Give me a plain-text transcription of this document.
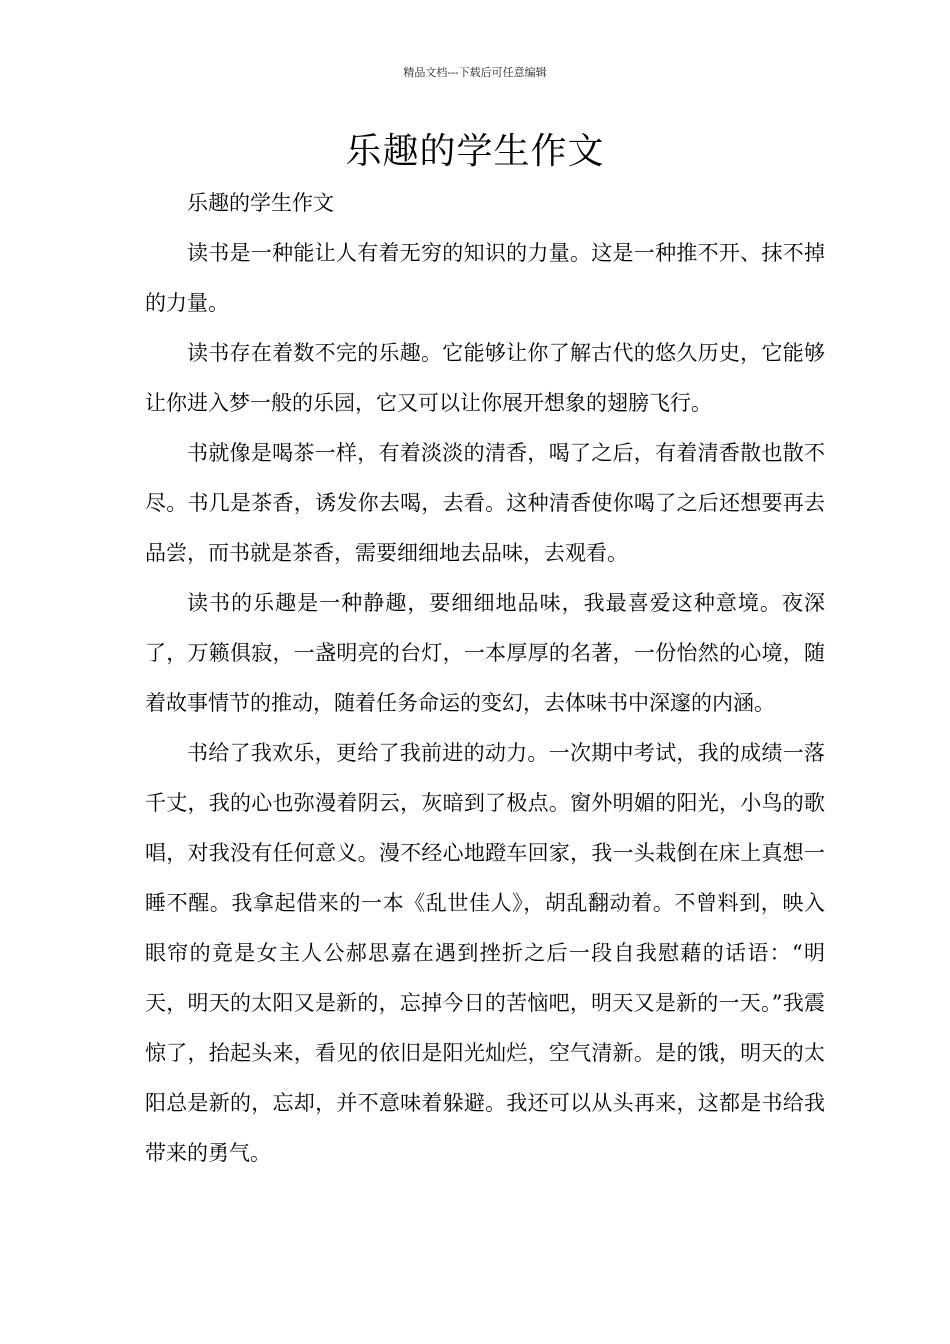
精品文档---下载后可任意编辑
乐趣的学生作文

乐趣的学生作文

读书是一种能让人有着无穷的知识的力量。这是一种推不开、抹不掉的力量。

读书存在着数不完的乐趣。它能够让你了解古代的悠久历史，它能够让你进入梦一般的乐园，它又可以让你展开想象的翅膀飞行。

书就像是喝茶一样，有着淡淡的清香，喝了之后，有着清香散也散不尽。书几是茶香，诱发你去喝，去看。这种清香使你喝了之后还想要再去品尝，而书就是茶香，需要细细地去品味，去观看。

读书的乐趣是一种静趣，要细细地品味，我最喜爱这种意境。夜深了，万籁俱寂，一盏明亮的台灯，一本厚厚的名著，一份怡然的心境，随着故事情节的推动，随着任务命运的变幻，去体味书中深邃的内涵。

书给了我欢乐，更给了我前进的动力。一次期中考试，我的成绩一落千丈，我的心也弥漫着阴云，灰暗到了极点。窗外明媚的阳光，小鸟的歌唱，对我没有任何意义。漫不经心地蹬车回家，我一头栽倒在床上真想一睡不醒。我拿起借来的一本《乱世佳人》，胡乱翻动着。不曾料到，映入眼帘的竟是女主人公郝思嘉在遇到挫折之后一段自我慰藉的话语：“明天，明天的太阳又是新的，忘掉今日的苦恼吧，明天又是新的一天。”我震惊了，抬起头来，看见的依旧是阳光灿烂，空气清新。是的饿，明天的太阳总是新的，忘却，并不意味着躲避。我还可以从头再来，这都是书给我带来的勇气。
